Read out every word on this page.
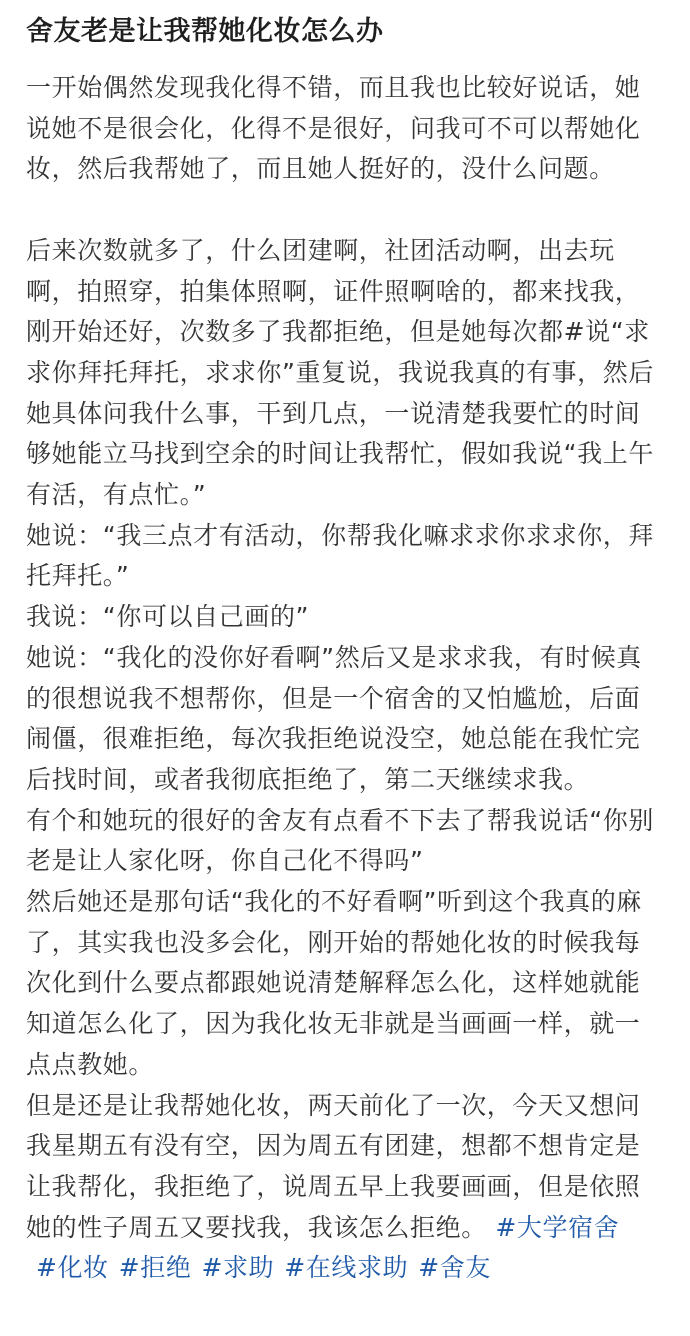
舍友老是让我帮她化妆怎么办

一开始偶然发现我化得不错，而且我也比较好说话，她说她不是很会化，化得不是很好，问我可不可以帮她化妆，然后我帮她了，而且她人挺好的，没什么问题。

后来次数就多了，什么团建啊，社团活动啊，出去玩啊，拍照穿，拍集体照啊，证件照啊啥的，都来找我，刚开始还好，次数多了我都拒绝，但是她每次都#说“求求你拜托拜托，求求你”重复说，我说我真的有事，然后她具体问我什么事，干到几点，一说清楚我要忙的时间够她能立马找到空余的时间让我帮忙，假如我说“我上午有活，有点忙。”

她说：“我三点才有活动，你帮我化嘛求求你求求你，拜托拜托。”

我说：“你可以自己画的”

她说：“我化的没你好看啊”然后又是求求我，有时候真的很想说我不想帮你，但是一个宿舍的又怕尴尬，后面闹僵，很难拒绝，每次我拒绝说没空，她总能在我忙完后找时间，或者我彻底拒绝了，第二天继续求我。

有个和她玩的很好的舍友有点看不下去了帮我说话“你别老是让人家化呀，你自己化不得吗”

然后她还是那句话“我化的不好看啊”听到这个我真的麻了，其实我也没多会化，刚开始的帮她化妆的时候我每次化到什么要点都跟她说清楚解释怎么化，这样她就能知道怎么化了，因为我化妆无非就是当画画一样，就一点点教她。

但是还是让我帮她化妆，两天前化了一次，今天又想问我星期五有没有空，因为周五有团建，想都不想肯定是让我帮化，我拒绝了，说周五早上我要画画，但是依照她的性子周五又要找我，我该怎么拒绝。 #大学宿舍#化妆 #拒绝 #求助 #在线求助 #舍友
